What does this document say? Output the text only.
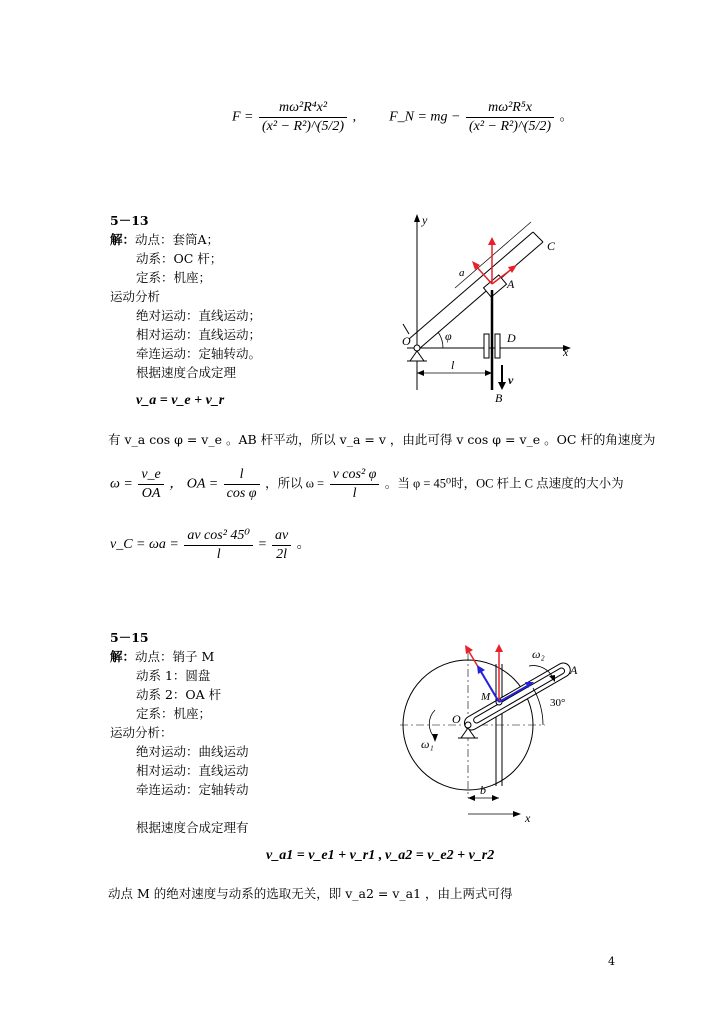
$F = \frac{\text{mω²R⁴x²}}{\text{(x² − R²)\textasciicircum{}(5/2)}}$ , F_N = mg − $\frac{\text{mω²R⁵x}}{\text{(x² − R²)\textasciicircum{}(5/2)}}$ 。
5－13
解：动点：套筒A；
动系：OC 杆；
定系：机座；
运动分析
绝对运动：直线运动；
相对运动：直线运动；
牵连运动：定轴转动。
根据速度合成定理
v_a = v_e + v_r
有 v_a cos φ = v_e 。AB 杆平动，所以 v_a = v ，由此可得 v cos φ = v_e 。OC 杆的角速度为
$\omega = \frac{v\_e}{OA}$ ， OA = $\frac{l}{\text{cos φ}}$ ，所以 $\omega = \frac{\text{v cos² φ}}{l}$ 。当 φ = 45⁰时，OC 杆上 C 点速度的大小为
v_C = $\omega a = \frac{\text{av cos² 45⁰}}{l} = \frac{av}{2l}$ 。
y
x
a
C
A
φ
O	D
v
B
l
5－15
解：动点：销子 M
动系 1：圆盘
动系 2：OA 杆
定系：机座；
运动分析：
绝对运动：曲线运动
相对运动：直线运动
牵连运动：定轴转动
根据速度合成定理有
v_a1 = v_e1 + v_r1 , v_a2 = v_e2 + v_r2
动点 M 的绝对速度与动系的选取无关，即 v_a2 = v_a1 ，由上两式可得
M
ω₂
A
30°
O
ω₁
b
x
4
